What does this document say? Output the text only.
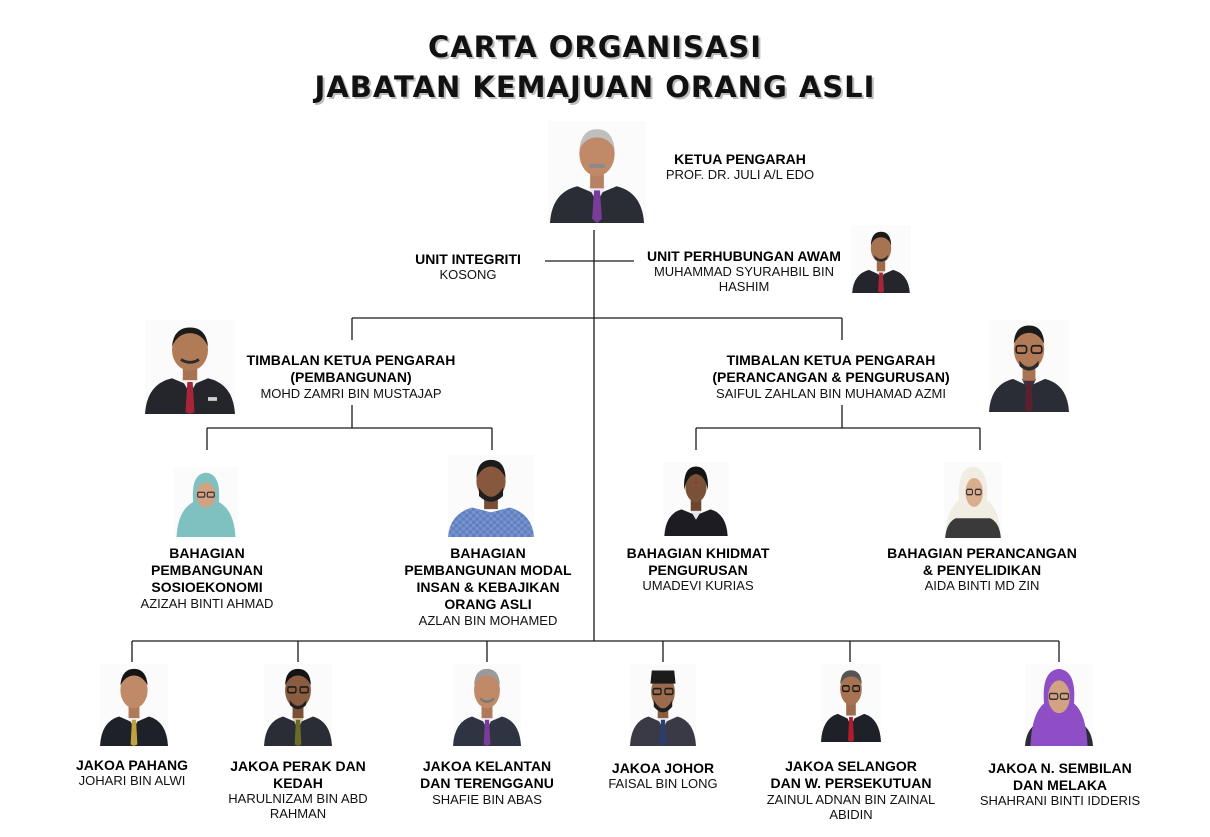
CARTA ORGANISASI
JABATAN KEMAJUAN ORANG ASLI
KETUA PENGARAH
PROF. DR. JULI A/L EDO
UNIT INTEGRITI
KOSONG
UNIT PERHUBUNGAN AWAM
MUHAMMAD SYURAHBIL BIN
HASHIM
TIMBALAN KETUA PENGARAH
(PEMBANGUNAN)
MOHD ZAMRI BIN MUSTAJAP
TIMBALAN KETUA PENGARAH
(PERANCANGAN & PENGURUSAN)
SAIFUL ZAHLAN BIN MUHAMAD AZMI
BAHAGIAN
PEMBANGUNAN
SOSIOEKONOMI
AZIZAH BINTI AHMAD
BAHAGIAN
PEMBANGUNAN MODAL
INSAN & KEBAJIKAN
ORANG ASLI
AZLAN BIN MOHAMED
BAHAGIAN KHIDMAT
PENGURUSAN
UMADEVI KURIAS
BAHAGIAN PERANCANGAN
& PENYELIDIKAN
AIDA BINTI MD ZIN
JAKOA PAHANG
JOHARI BIN ALWI
JAKOA PERAK DAN
KEDAH
HARULNIZAM BIN ABD
RAHMAN
JAKOA KELANTAN
DAN TERENGGANU
SHAFIE BIN ABAS
JAKOA JOHOR
FAISAL BIN LONG
JAKOA SELANGOR
DAN W. PERSEKUTUAN
ZAINUL ADNAN BIN ZAINAL
ABIDIN
JAKOA N. SEMBILAN
DAN MELAKA
SHAHRANI BINTI IDDERIS
